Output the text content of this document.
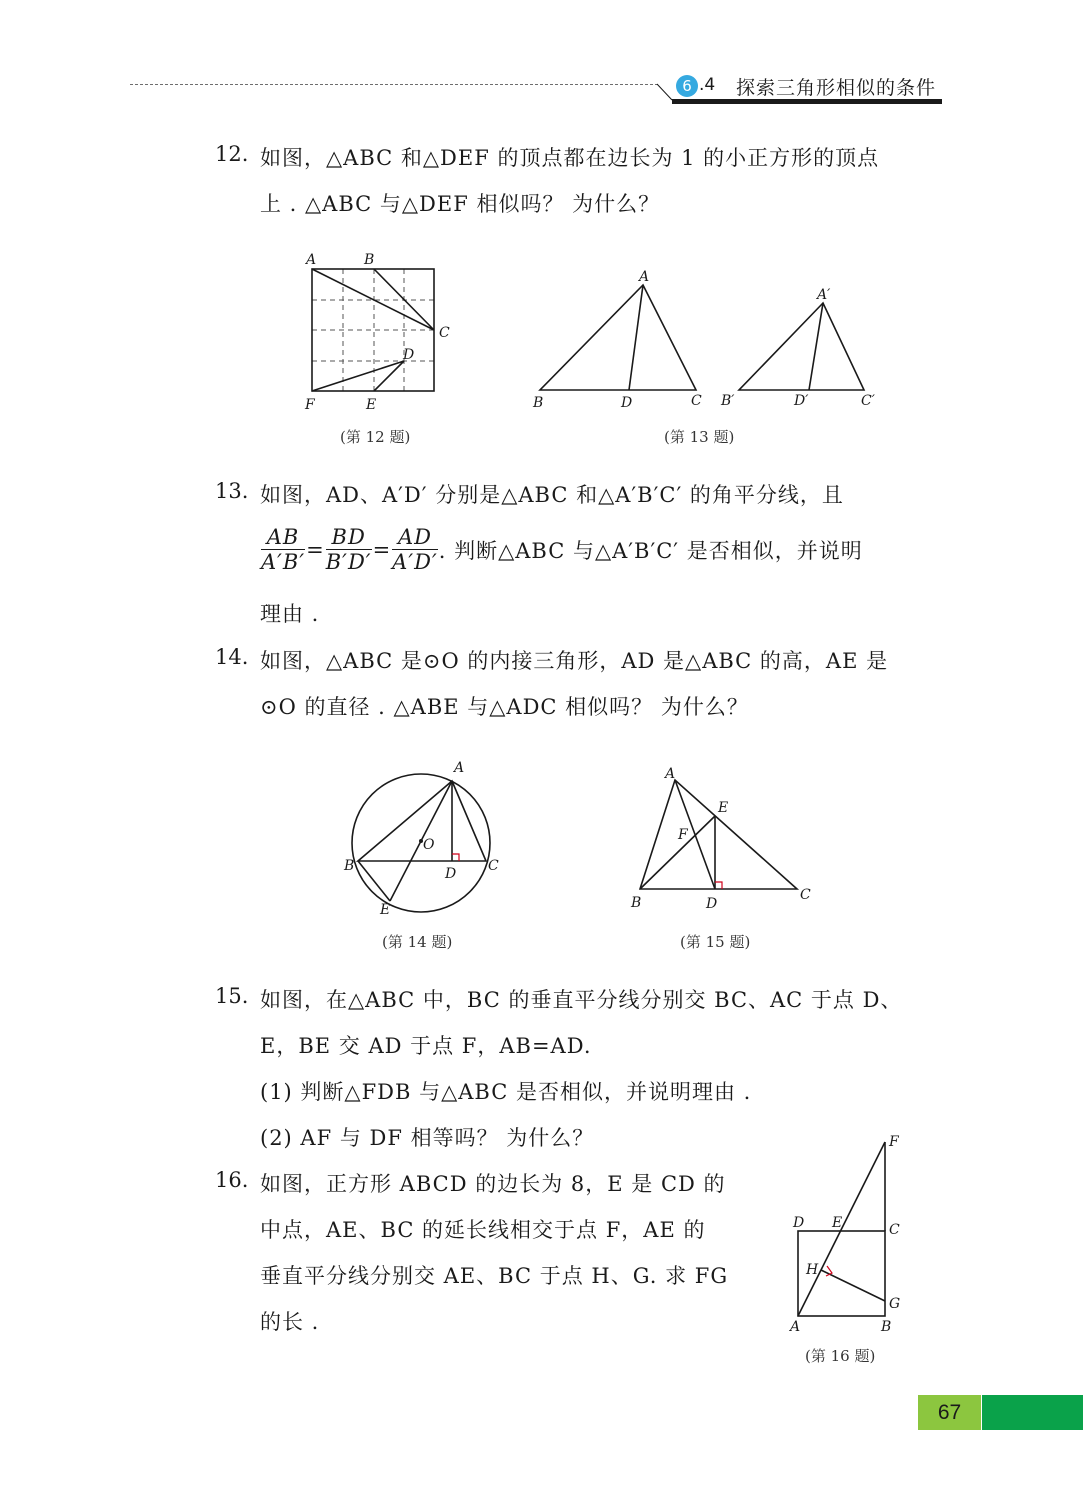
6 .4 探索三角形相似的条件
12. 如图，△ABC 和△DEF 的顶点都在边长为 1 的小正方形的顶点
上 . △ABC 与△DEF 相似吗？ 为什么？
A	B
C
D
F	E
(第 12 题)
A
B	D	C
A′
B′	D′	C′
(第 13 题)
13. 如图，AD、A′D′ 分别是△ABC 和△A′B′C′ 的角平分线，且
$\frac{AB}{A'B'} = \frac{BD}{B'D'} = \frac{AD}{A'D'}$ . 判断△ABC 与△A′B′C′ 是否相似，并说明
理由 .
14. 如图，△ABC 是⊙O 的内接三角形，AD 是△ABC 的高，AE 是
⊙O 的直径 . △ABE 与△ADC 相似吗？ 为什么？
A
B
O
D C
E
(第 14 题)
A
E
F
B	D
C
(第 15 题)
15. 如图，在△ABC 中，BC 的垂直平分线分别交 BC、AC 于点 D、
E，BE 交 AD 于点 F，AB=AD.
(1) 判断△FDB 与△ABC 是否相似，并说明理由 .
(2) AF 与 DF 相等吗？ 为什么？
16. 如图，正方形 ABCD 的边长为 8，E 是 CD 的
中点，AE、BC 的延长线相交于点 F，AE 的
垂直平分线分别交 AE、BC 于点 H、G. 求 FG
的长 .
F
D E	C
H
G
A	B
(第 16 题)
67
